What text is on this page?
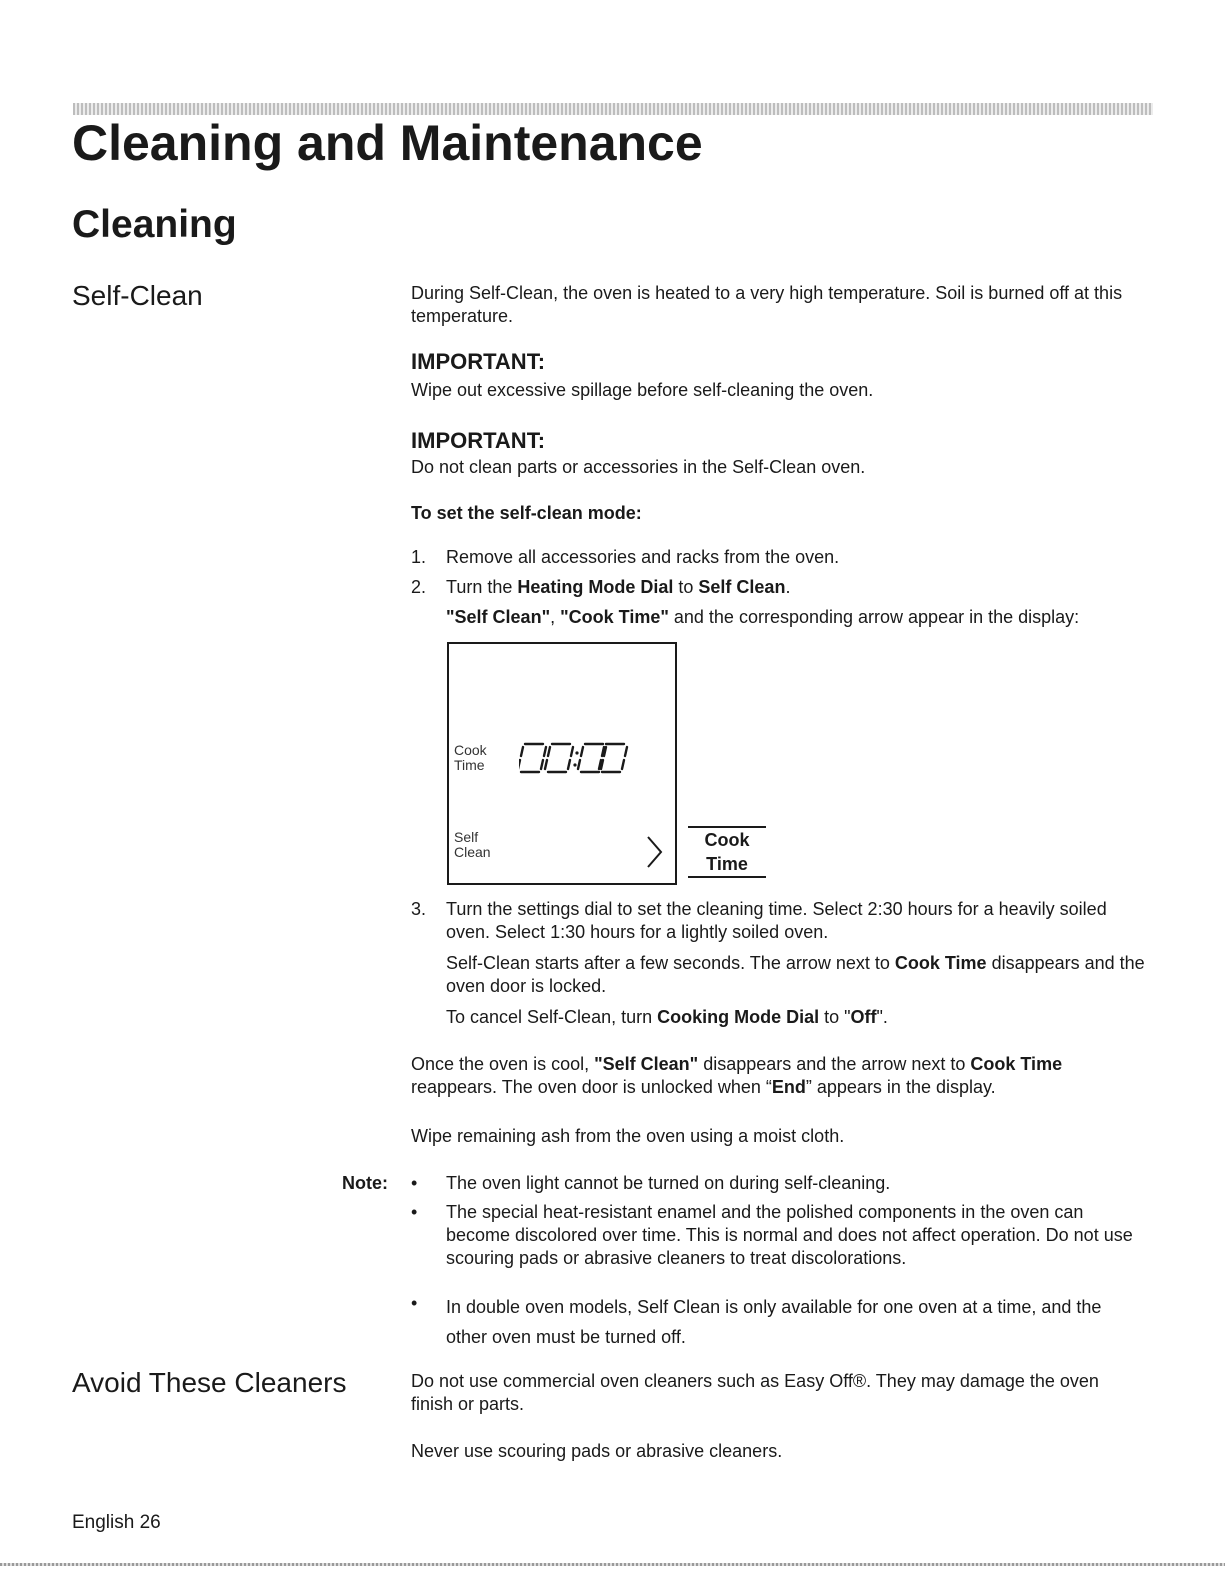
Cleaning and Maintenance
Cleaning
Self-Clean	During Self-Clean, the oven is heated to a very high temperature. Soil is burned off at this temperature.

IMPORTANT:

Wipe out excessive spillage before self-cleaning the oven.

IMPORTANT:

Do not clean parts or accessories in the Self-Clean oven.

To set the self-clean mode:

1. Remove all accessories and racks from the oven.

2. Turn the Heating Mode Dial to Self Clean.

"Self Clean", "Cook Time" and the corresponding arrow appear in the display:

Cook
Time
Self
Clean
Cook
Time
3. Turn the settings dial to set the cleaning time. Select 2:30 hours for a heavily soiled oven. Select 1:30 hours for a lightly soiled oven.

Self-Clean starts after a few seconds. The arrow next to Cook Time disappears and the oven door is locked.

To cancel Self-Clean, turn Cooking Mode Dial to "Off".

Once the oven is cool, "Self Clean" disappears and the arrow next to Cook Time reappears. The oven door is unlocked when “End” appears in the display.

Wipe remaining ash from the oven using a moist cloth.

Note: • The oven light cannot be turned on during self-cleaning.

• The special heat-resistant enamel and the polished components in the oven can become discolored over time. This is normal and does not affect operation. Do not use scouring pads or abrasive cleaners to treat discolorations.

• In double oven models, Self Clean is only available for one oven at a time, and the other oven must be turned off.

Avoid These Cleaners	Do not use commercial oven cleaners such as Easy Off®. They may damage the oven finish or parts.

Never use scouring pads or abrasive cleaners.

English 26
